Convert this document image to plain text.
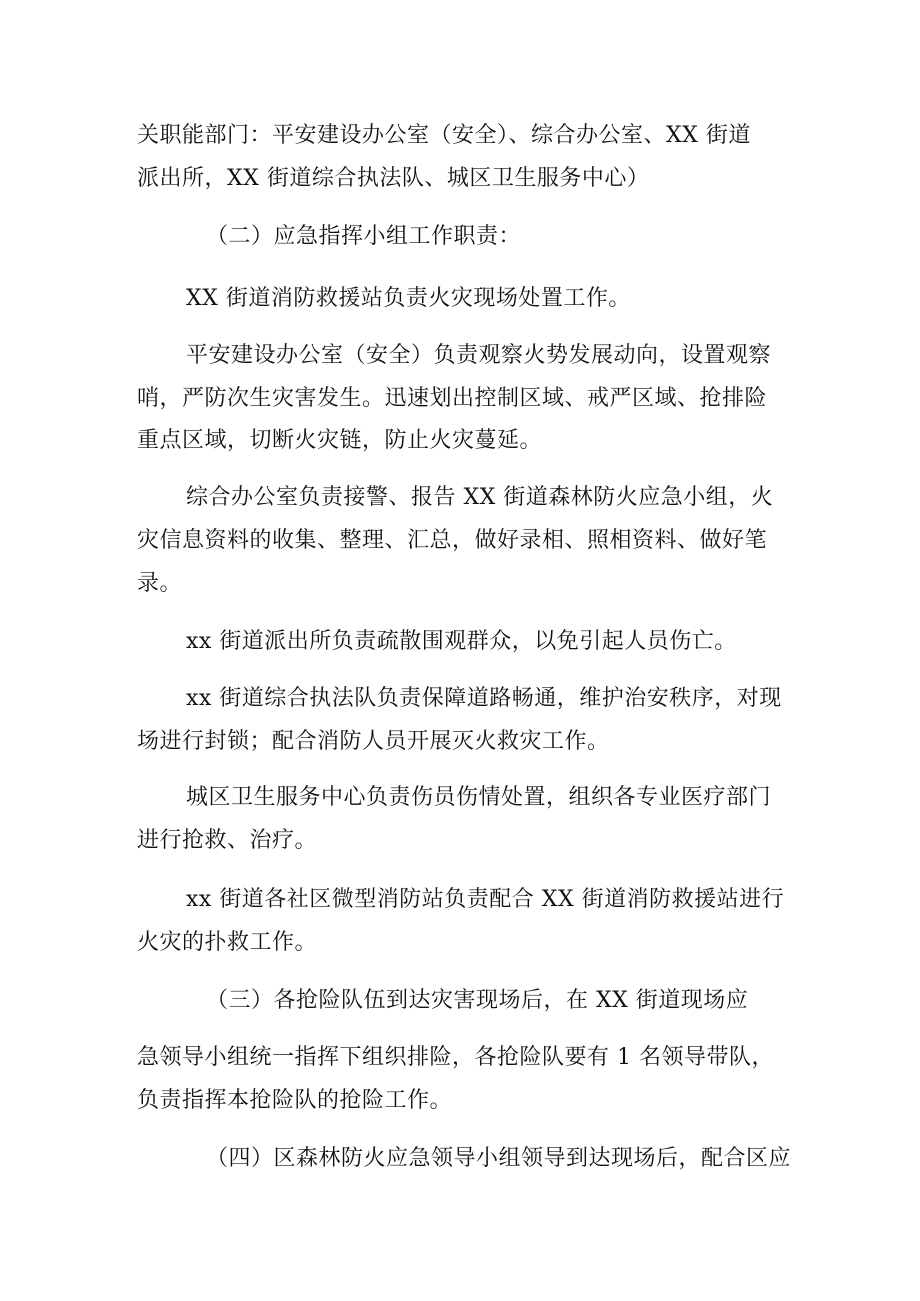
关职能部门：平安建设办公室（安全）、综合办公室、XX 街道
派出所，XX 街道综合执法队、城区卫生服务中心）
（二）应急指挥小组工作职责：
XX 街道消防救援站负责火灾现场处置工作。
平安建设办公室（安全）负责观察火势发展动向，设置观察
哨，严防次生灾害发生。迅速划出控制区域、戒严区域、抢排险
重点区域，切断火灾链，防止火灾蔓延。
综合办公室负责接警、报告 XX 街道森林防火应急小组，火
灾信息资料的收集、整理、汇总，做好录相、照相资料、做好笔
录。
xx 街道派出所负责疏散围观群众，以免引起人员伤亡。
xx 街道综合执法队负责保障道路畅通，维护治安秩序，对现
场进行封锁；配合消防人员开展灭火救灾工作。
城区卫生服务中心负责伤员伤情处置，组织各专业医疗部门
进行抢救、治疗。
xx 街道各社区微型消防站负责配合 XX 街道消防救援站进行
火灾的扑救工作。
（三）各抢险队伍到达灾害现场后，在 XX 街道现场应
急领导小组统一指挥下组织排险，各抢险队要有 1 名领导带队，
负责指挥本抢险队的抢险工作。
（四）区森林防火应急领导小组领导到达现场后，配合区应
